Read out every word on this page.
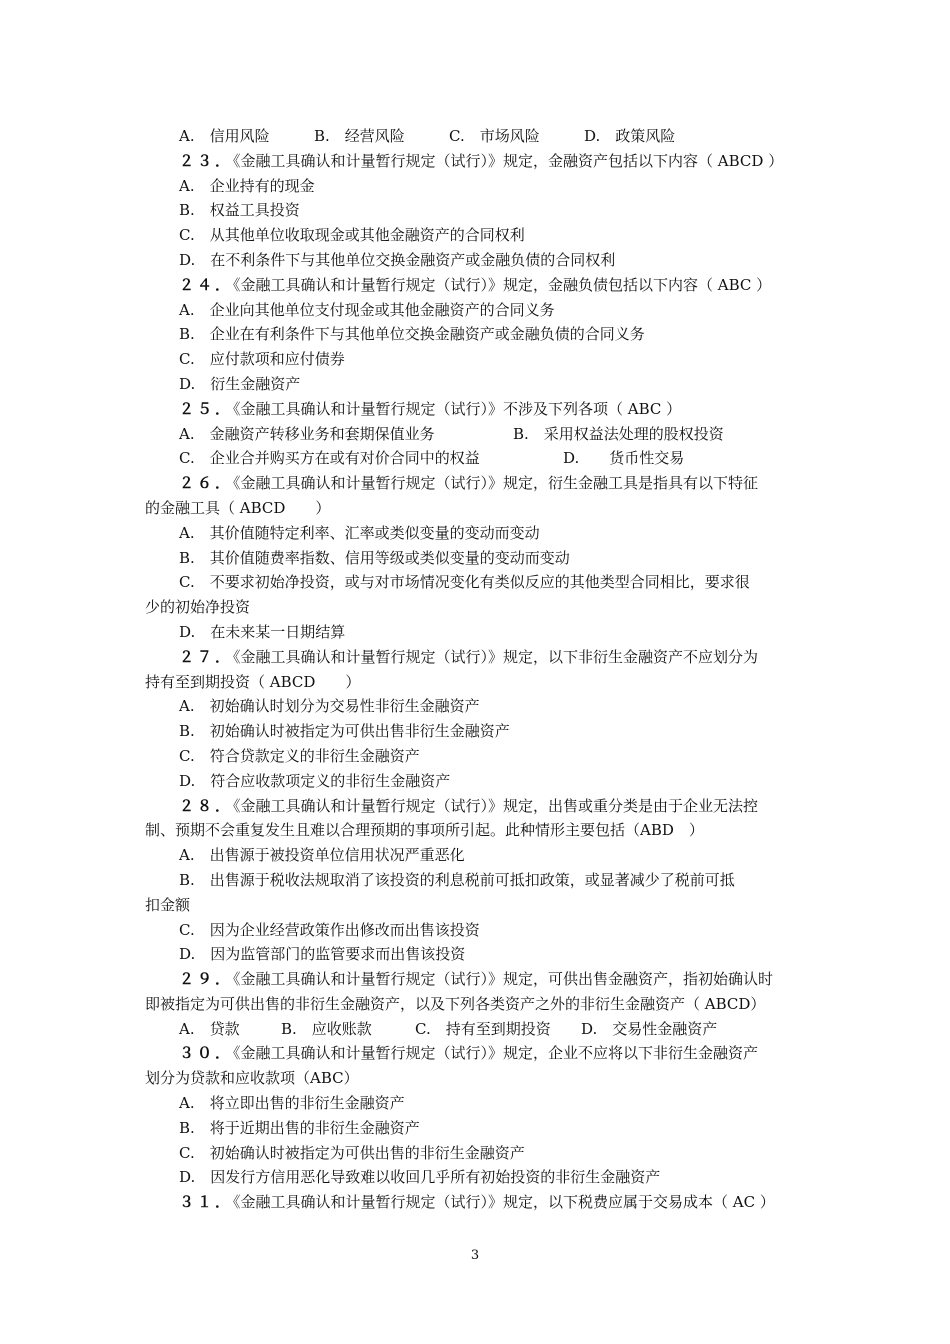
A.　信用风险	B.　经营风险	C.　市场风险	D.　政策风险
２３．《金融工具确认和计量暂行规定（试行）》规定，金融资产包括以下内容（ ABCD ）
A.　企业持有的现金
B.　权益工具投资
C.　从其他单位收取现金或其他金融资产的合同权利
D.　在不利条件下与其他单位交换金融资产或金融负债的合同权利
２４．《金融工具确认和计量暂行规定（试行）》规定，金融负债包括以下内容（ ABC ）
A.　企业向其他单位支付现金或其他金融资产的合同义务
B.　企业在有利条件下与其他单位交换金融资产或金融负债的合同义务
C.　应付款项和应付债券
D.　衍生金融资产
２５．《金融工具确认和计量暂行规定（试行）》不涉及下列各项（ ABC ）
A.　金融资产转移业务和套期保值业务	B.　采用权益法处理的股权投资
C.　企业合并购买方在或有对价合同中的权益	D.　　货币性交易
２６．《金融工具确认和计量暂行规定（试行）》规定，衍生金融工具是指具有以下特征
的金融工具（ ABCD　　）
A.　其价值随特定利率、汇率或类似变量的变动而变动
B.　其价值随费率指数、信用等级或类似变量的变动而变动
C.　不要求初始净投资，或与对市场情况变化有类似反应的其他类型合同相比，要求很
少的初始净投资
D.　在未来某一日期结算
２７．《金融工具确认和计量暂行规定（试行）》规定，以下非衍生金融资产不应划分为
持有至到期投资（ ABCD　　）
A.　初始确认时划分为交易性非衍生金融资产
B.　初始确认时被指定为可供出售非衍生金融资产
C.　符合贷款定义的非衍生金融资产
D.　符合应收款项定义的非衍生金融资产
２８．《金融工具确认和计量暂行规定（试行）》规定，出售或重分类是由于企业无法控
制、预期不会重复发生且难以合理预期的事项所引起。此种情形主要包括（ABD　）
A.　出售源于被投资单位信用状况严重恶化
B.　出售源于税收法规取消了该投资的利息税前可抵扣政策，或显著减少了税前可抵
扣金额
C.　因为企业经营政策作出修改而出售该投资
D.　因为监管部门的监管要求而出售该投资
２９．《金融工具确认和计量暂行规定（试行）》规定，可供出售金融资产，指初始确认时
即被指定为可供出售的非衍生金融资产，以及下列各类资产之外的非衍生金融资产（ ABCD）
A.　贷款	B.　应收账款	C.　持有至到期投资	D.　交易性金融资产
３０．《金融工具确认和计量暂行规定（试行）》规定，企业不应将以下非衍生金融资产
划分为贷款和应收款项（ABC）
A.　将立即出售的非衍生金融资产
B.　将于近期出售的非衍生金融资产
C.　初始确认时被指定为可供出售的非衍生金融资产
D.　因发行方信用恶化导致难以收回几乎所有初始投资的非衍生金融资产
３１．《金融工具确认和计量暂行规定（试行）》规定，以下税费应属于交易成本（ AC ）
3
